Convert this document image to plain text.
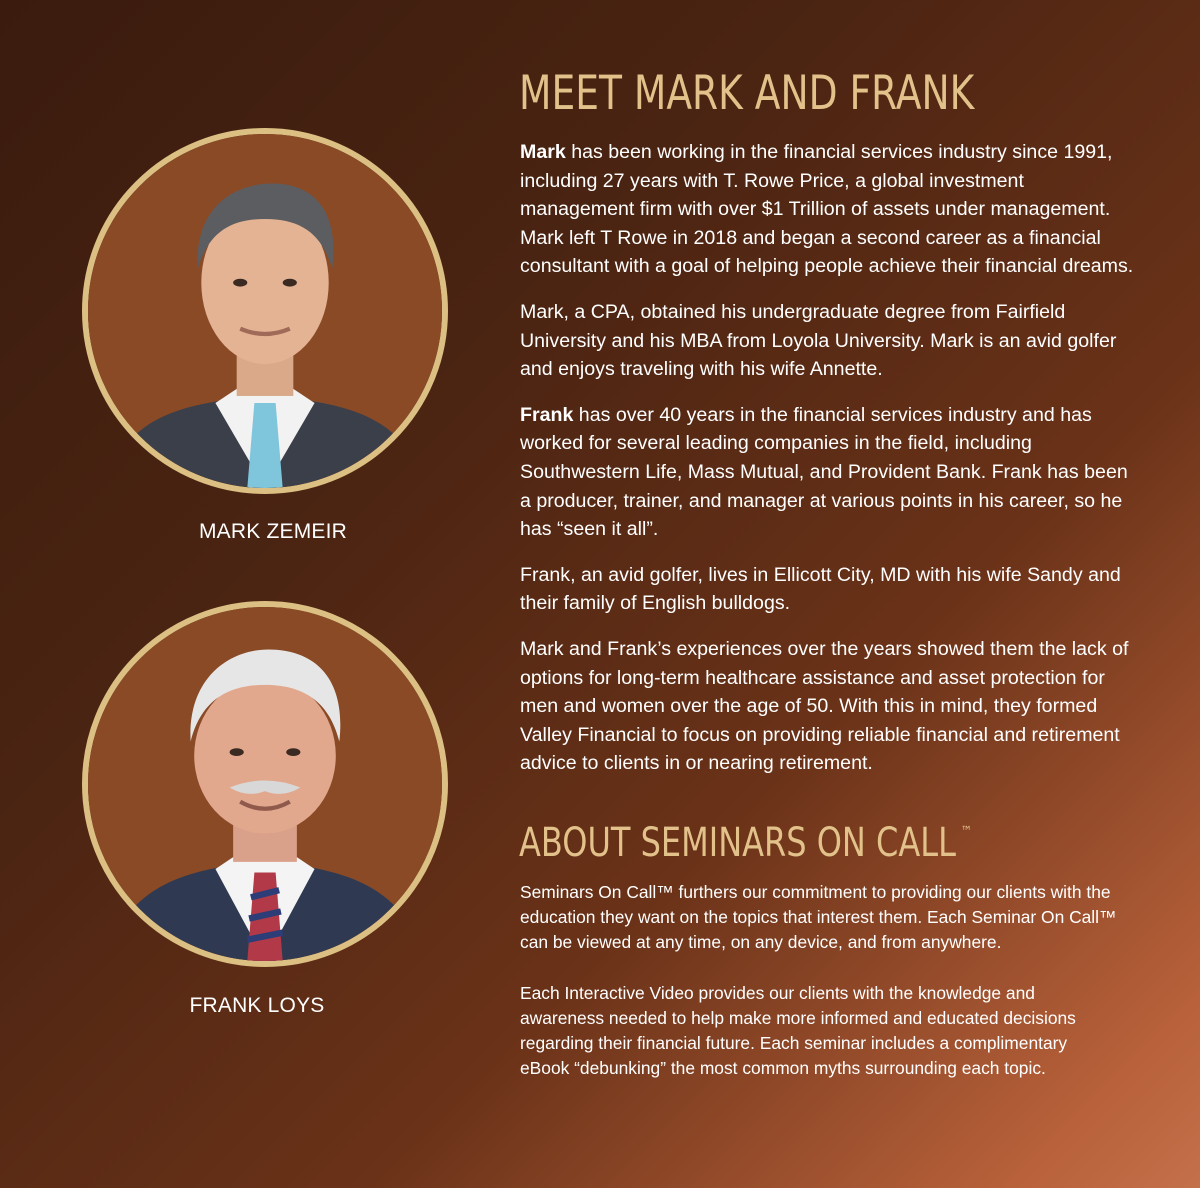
MARK ZEMEIR
FRANK LOYS
MEET MARK AND FRANK

Mark has been working in the financial services industry since 1991, including 27 years with T. Rowe Price, a global investment management firm with over $1 Trillion of assets under management. Mark left T Rowe in 2018 and began a second career as a financial consultant with a goal of helping people achieve their financial dreams.

Mark, a CPA, obtained his undergraduate degree from Fairfield University and his MBA from Loyola University. Mark is an avid golfer and enjoys traveling with his wife Annette.

Frank has over 40 years in the financial services industry and has worked for several leading companies in the field, including Southwestern Life, Mass Mutual, and Provident Bank. Frank has been a producer, trainer, and manager at various points in his career, so he has “seen it all”.

Frank, an avid golfer, lives in Ellicott City, MD with his wife Sandy and their family of English bulldogs.

Mark and Frank’s experiences over the years showed them the lack of options for long-term healthcare assistance and asset protection for men and women over the age of 50. With this in mind, they formed Valley Financial to focus on providing reliable financial and retirement advice to clients in or nearing retirement.

ABOUT SEMINARS ON CALL ™

Seminars On Call™ furthers our commitment to providing our clients with the education they want on the topics that interest them. Each Seminar On Call™ can be viewed at any time, on any device, and from anywhere.

Each Interactive Video provides our clients with the knowledge and awareness needed to help make more informed and educated decisions regarding their financial future. Each seminar includes a complimentary eBook “debunking” the most common myths surrounding each topic.
